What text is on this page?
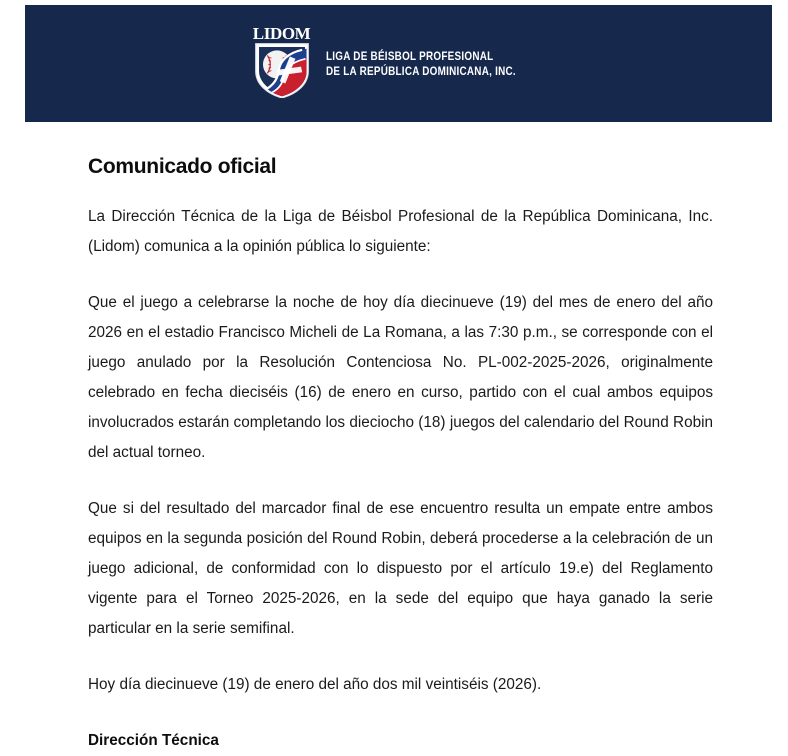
LIDOM
LIGA DE BÉISBOL PROFESIONAL
DE LA REPÚBLICA DOMINICANA, INC.
Comunicado oficial

La Dirección Técnica de la Liga de Béisbol Profesional de la República Dominicana, Inc. (Lidom) comunica a la opinión pública lo siguiente:

Que el juego a celebrarse la noche de hoy día diecinueve (19) del mes de enero del año 2026 en el estadio Francisco Micheli de La Romana, a las 7:30 p.m., se corresponde con el juego anulado por la Resolución Contenciosa No. PL-002-2025-2026, originalmente celebrado en fecha dieciséis (16) de enero en curso, partido con el cual ambos equipos involucrados estarán completando los dieciocho (18) juegos del calendario del Round Robin del actual torneo.

Que si del resultado del marcador final de ese encuentro resulta un empate entre ambos equipos en la segunda posición del Round Robin, deberá procederse a la celebración de un juego adicional, de conformidad con lo dispuesto por el artículo 19.e) del Reglamento vigente para el Torneo 2025-2026, en la sede del equipo que haya ganado la serie particular en la serie semifinal.

Hoy día diecinueve (19) de enero del año dos mil veintiséis (2026).

Dirección Técnica
